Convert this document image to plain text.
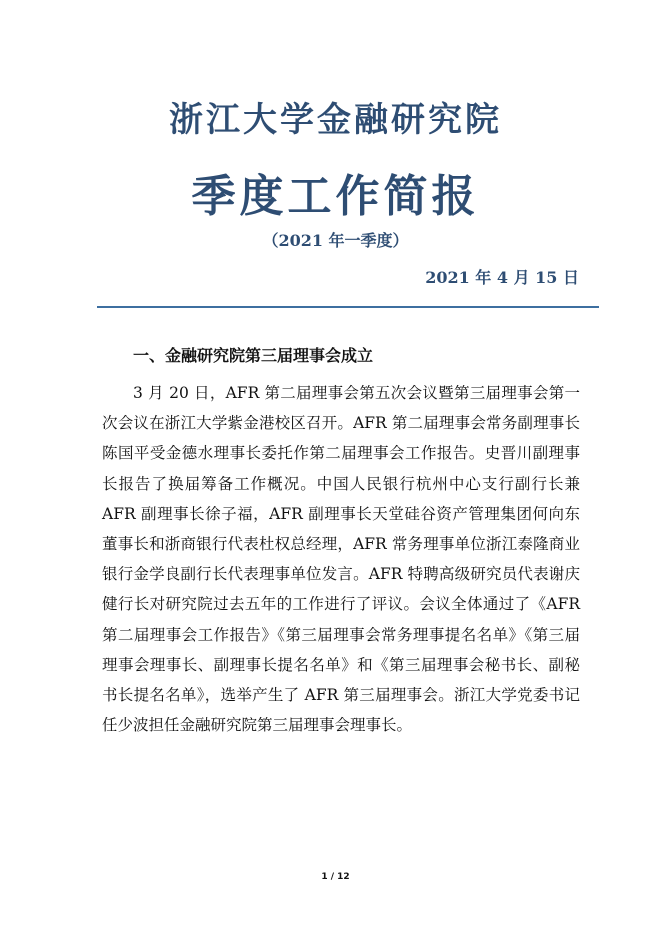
浙江大学金融研究院
季度工作简报
（2021 年一季度）
2021 年 4 月 15 日
一、金融研究院第三届理事会成立

3 月 20 日，AFR 第二届理事会第五次会议暨第三届理事会第一次会议在浙江大学紫金港校区召开。AFR 第二届理事会常务副理事长陈国平受金德水理事长委托作第二届理事会工作报告。史晋川副理事长报告了换届筹备工作概况。中国人民银行杭州中心支行副行长兼 AFR 副理事长徐子福，AFR 副理事长天堂硅谷资产管理集团何向东董事长和浙商银行代表杜权总经理，AFR 常务理事单位浙江泰隆商业银行金学良副行长代表理事单位发言。AFR 特聘高级研究员代表谢庆健行长对研究院过去五年的工作进行了评议。会议全体通过了《AFR 第二届理事会工作报告》《第三届理事会常务理事提名名单》《第三届理事会理事长、副理事长提名名单》和《第三届理事会秘书长、副秘书长提名名单》，选举产生了 AFR 第三届理事会。浙江大学党委书记任少波担任金融研究院第三届理事会理事长。

1 / 12
